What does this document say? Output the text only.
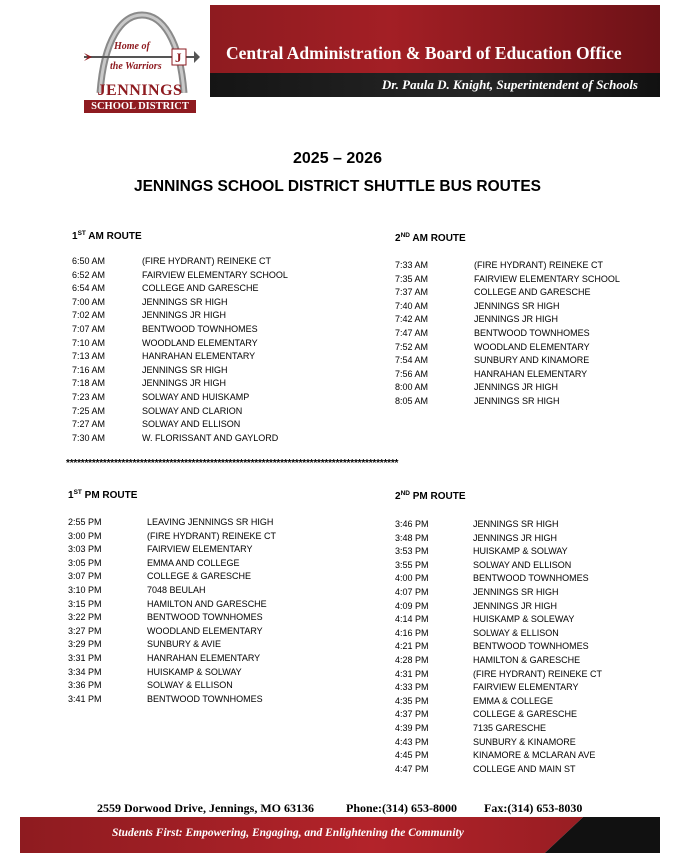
Central Administration & Board of Education Office
Dr. Paula D. Knight, Superintendent of Schools
J
Home of
the Warriors
JENNINGS
SCHOOL DISTRICT
2025 – 2026
JENNINGS SCHOOL DISTRICT SHUTTLE BUS ROUTES
1ST AM ROUTE
6:50 AM	(FIRE HYDRANT) REINEKE CT
6:52 AM	FAIRVIEW ELEMENTARY SCHOOL
6:54 AM	COLLEGE AND GARESCHE
7:00 AM	JENNINGS SR HIGH
7:02 AM	JENNINGS JR HIGH
7:07 AM	BENTWOOD TOWNHOMES
7:10 AM	WOODLAND ELEMENTARY
7:13 AM	HANRAHAN ELEMENTARY
7:16 AM	JENNINGS SR HIGH
7:18 AM	JENNINGS JR HIGH
7:23 AM	SOLWAY AND HUISKAMP
7:25 AM	SOLWAY AND CLARION
7:27 AM	SOLWAY AND ELLISON
7:30 AM	W. FLORISSANT AND GAYLORD
2ND AM ROUTE
7:33 AM	(FIRE HYDRANT) REINEKE CT
7:35 AM	FAIRVIEW ELEMENTARY SCHOOL
7:37 AM	COLLEGE AND GARESCHE
7:40 AM	JENNINGS SR HIGH
7:42 AM	JENNINGS JR HIGH
7:47 AM	BENTWOOD TOWNHOMES
7:52 AM	WOODLAND ELEMENTARY
7:54 AM	SUNBURY AND KINAMORE
7:56 AM	HANRAHAN ELEMENTARY
8:00 AM	JENNINGS JR HIGH
8:05 AM	JENNINGS SR HIGH
******************************************************************************************
1ST PM ROUTE
2:55 PM	LEAVING JENNINGS SR HIGH
3:00 PM	(FIRE HYDRANT) REINEKE CT
3:03 PM	FAIRVIEW ELEMENTARY
3:05 PM	EMMA AND COLLEGE
3:07 PM	COLLEGE & GARESCHE
3:10 PM	7048 BEULAH
3:15 PM	HAMILTON AND GARESCHE
3:22 PM	BENTWOOD TOWNHOMES
3:27 PM	WOODLAND ELEMENTARY
3:29 PM	SUNBURY & AVIE
3:31 PM	HANRAHAN ELEMENTARY
3:34 PM	HUISKAMP & SOLWAY
3:36 PM	SOLWAY & ELLISON
3:41 PM	BENTWOOD TOWNHOMES
2ND PM ROUTE
3:46 PM	JENNINGS SR HIGH
3:48 PM	JENNINGS JR HIGH
3:53 PM	HUISKAMP & SOLWAY
3:55 PM	SOLWAY AND ELLISON
4:00 PM	BENTWOOD TOWNHOMES
4:07 PM	JENNINGS SR HIGH
4:09 PM	JENNINGS JR HIGH
4:14 PM	HUISKAMP & SOLEWAY
4:16 PM	SOLWAY & ELLISON
4:21 PM	BENTWOOD TOWNHOMES
4:28 PM	HAMILTON & GARESCHE
4:31 PM	(FIRE HYDRANT) REINEKE CT
4:33 PM	FAIRVIEW ELEMENTARY
4:35 PM	EMMA & COLLEGE
4:37 PM	COLLEGE & GARESCHE
4:39 PM	7135 GARESCHE
4:43 PM	SUNBURY & KINAMORE
4:45 PM	KINAMORE & MCLARAN AVE
4:47 PM	COLLEGE AND MAIN ST
2559 Dorwood Drive, Jennings, MO 63136	Phone:(314) 653-8000 Fax:(314) 653-8030
Students First: Empowering, Engaging, and Enlightening the Community
